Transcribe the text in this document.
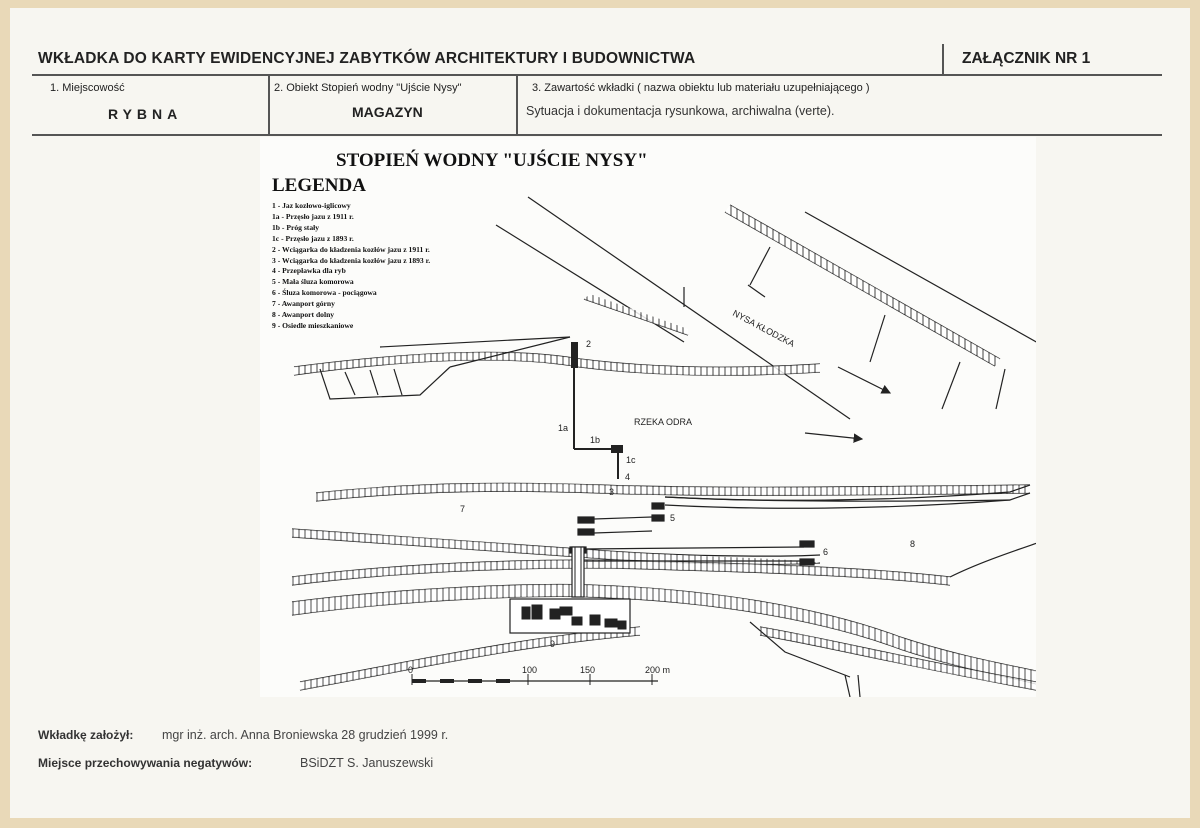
WKŁADKA DO KARTY EWIDENCYJNEJ ZABYTKÓW ARCHITEKTURY I BUDOWNICTWA	ZAŁĄCZNIK NR 1
1. Miejscowość
RYBNA
2. Obiekt Stopień wodny "Ujście Nysy"
MAGAZYN
3. Zawartość wkładki ( nazwa obiektu lub materiału uzupełniającego )
Sytuacja i dokumentacja rysunkowa, archiwalna (verte).
0	100	150	200 m
NYSA KŁODZKA
RZEKA ODRA
2
1a
1b
1c
4
3
5
6
7
8
9
STOPIEŃ WODNY "UJŚCIE NYSY"
LEGENDA
1 - Jaz kozłowo-iglicowy
1a - Przęsło jazu z 1911 r.
1b - Próg stały
1c - Przęsło jazu z 1893 r.
2 - Wciągarka do kładzenia kozłów jazu z 1911 r.
3 - Wciągarka do kładzenia kozłów jazu z 1893 r.
4 - Przepławka dla ryb
5 - Mała śluza komorowa
6 - Śluza komorowa - pociągowa
7 - Awanport górny
8 - Awanport dolny
9 - Osiedle mieszkaniowe
Wkładkę założył: mgr inż. arch. Anna Broniewska 28 grudzień 1999 r.
Miejsce przechowywania negatywów:	BSiDZT S. Januszewski
